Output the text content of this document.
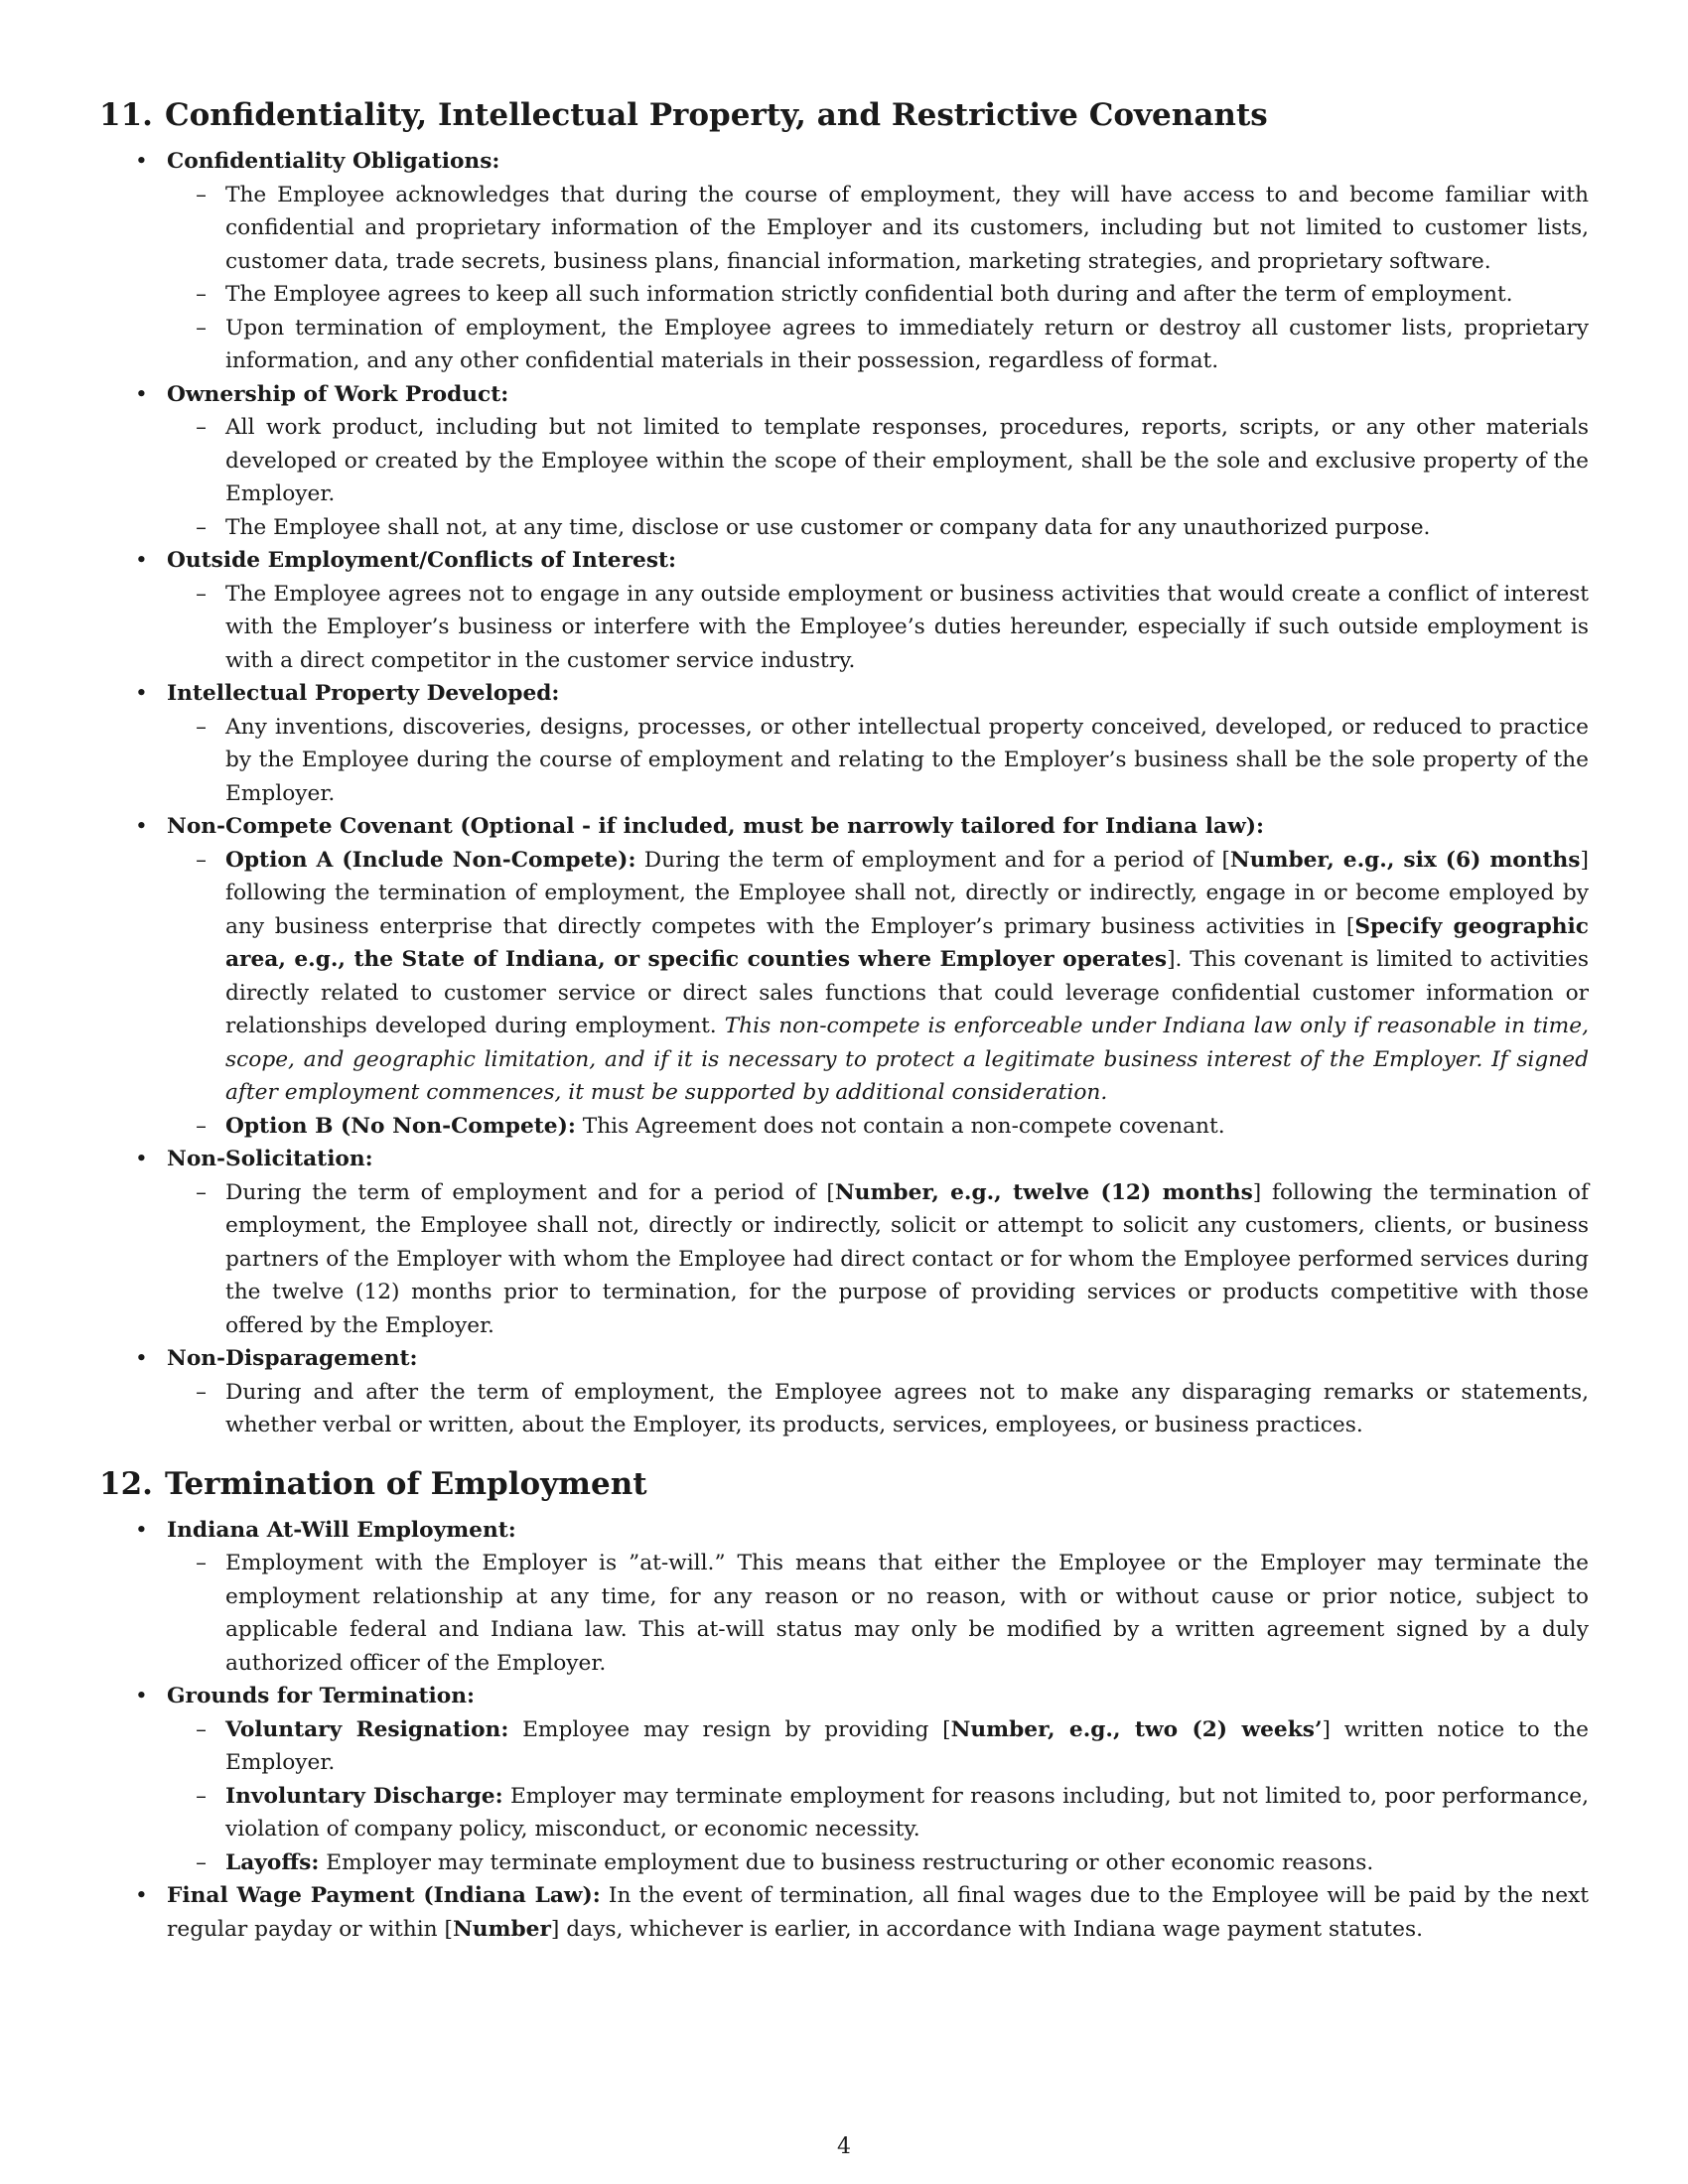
11. Confidentiality, Intellectual Property, and Restrictive Covenants
• Confidentiality Obligations:
– The Employee acknowledges that during the course of employment, they will have access to and become familiar with confidential and proprietary information of the Employer and its customers, including but not limited to customer lists, customer data, trade secrets, business plans, financial information, marketing strategies, and proprietary software.
– The Employee agrees to keep all such information strictly confidential both during and after the term of employment.
– Upon termination of employment, the Employee agrees to immediately return or destroy all customer lists, proprietary information, and any other confidential materials in their possession, regardless of format.
• Ownership of Work Product:
– All work product, including but not limited to template responses, procedures, reports, scripts, or any other materials developed or created by the Employee within the scope of their employment, shall be the sole and exclusive property of the Employer.
– The Employee shall not, at any time, disclose or use customer or company data for any unauthorized purpose.
• Outside Employment/Conflicts of Interest:
– The Employee agrees not to engage in any outside employment or business activities that would create a conflict of interest with the Employer’s business or interfere with the Employee’s duties hereunder, especially if such outside employment is with a direct competitor in the customer service industry.
• Intellectual Property Developed:
– Any inventions, discoveries, designs, processes, or other intellectual property conceived, developed, or reduced to practice by the Employee during the course of employment and relating to the Employer’s business shall be the sole property of the Employer.
• Non-Compete Covenant (Optional - if included, must be narrowly tailored for Indiana law):
– Option A (Include Non-Compete): During the term of employment and for a period of [Number, e.g., six (6) months] following the termination of employment, the Employee shall not, directly or indirectly, engage in or become employed by any business enterprise that directly competes with the Employer’s primary business activities in [Specify geographic area, e.g., the State of Indiana, or specific counties where Employer operates]. This covenant is limited to activities directly related to customer service or direct sales functions that could leverage confidential customer information or relationships developed during employment. This non-compete is enforceable under Indiana law only if reasonable in time, scope, and geographic limitation, and if it is necessary to protect a legitimate business interest of the Employer. If signed after employment commences, it must be supported by additional consideration.
– Option B (No Non-Compete): This Agreement does not contain a non-compete covenant.
• Non-Solicitation:
– During the term of employment and for a period of [Number, e.g., twelve (12) months] following the termination of employment, the Employee shall not, directly or indirectly, solicit or attempt to solicit any customers, clients, or business partners of the Employer with whom the Employee had direct contact or for whom the Employee performed services during the twelve (12) months prior to termination, for the purpose of providing services or products competitive with those offered by the Employer.
• Non-Disparagement:
– During and after the term of employment, the Employee agrees not to make any disparaging remarks or statements, whether verbal or written, about the Employer, its products, services, employees, or business practices.
12. Termination of Employment
• Indiana At-Will Employment:
– Employment with the Employer is ”at-will.” This means that either the Employee or the Employer may terminate the employment relationship at any time, for any reason or no reason, with or without cause or prior notice, subject to applicable federal and Indiana law. This at-will status may only be modified by a written agreement signed by a duly authorized officer of the Employer.
• Grounds for Termination:
– Voluntary Resignation: Employee may resign by providing [Number, e.g., two (2) weeks’] written notice to the Employer.
– Involuntary Discharge: Employer may terminate employment for reasons including, but not limited to, poor performance, violation of company policy, misconduct, or economic necessity.
– Layoffs: Employer may terminate employment due to business restructuring or other economic reasons.
• Final Wage Payment (Indiana Law): In the event of termination, all final wages due to the Employee will be paid by the next regular payday or within [Number] days, whichever is earlier, in accordance with Indiana wage payment statutes.
4
